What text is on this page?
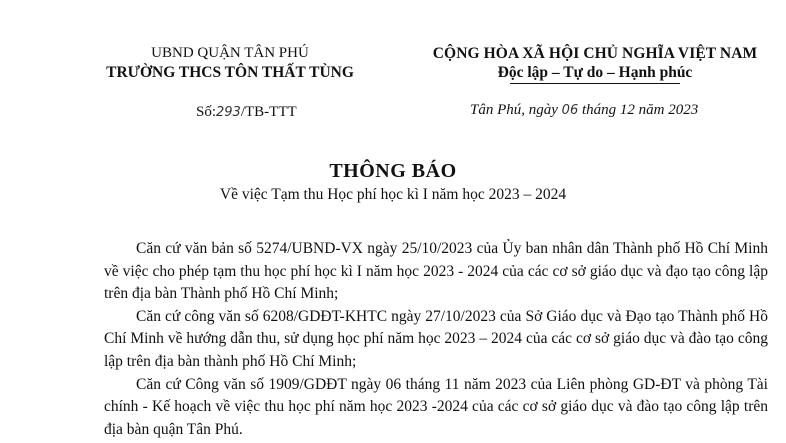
UBND QUẬN TÂN PHÚ
TRƯỜNG THCS TÔN THẤT TÙNG
CỘNG HÒA XÃ HỘI CHỦ NGHĨA VIỆT NAM
Độc lập – Tự do – Hạnh phúc
Số:293/TB-TTT	Tân Phú, ngày 06 tháng 12 năm 2023
THÔNG BÁO
Về việc Tạm thu Học phí học kì I năm học 2023 – 2024

Căn cứ văn bản số 5274/UBND-VX ngày 25/10/2023 của Ủy ban nhân dân Thành phố Hồ Chí Minh về việc cho phép tạm thu học phí học kì I năm học 2023 - 2024 của các cơ sở giáo dục và đạo tạo công lập trên địa bàn Thành phố Hồ Chí Minh;

Căn cứ công văn số 6208/GDĐT-KHTC ngày 27/10/2023 của Sở Giáo dục và Đạo tạo Thành phố Hồ Chí Minh về hướng dẫn thu, sử dụng học phí năm học 2023 – 2024 của các cơ sở giáo dục và đào tạo công lập trên địa bàn thành phố Hồ Chí Minh;

Căn cứ Công văn số 1909/GDĐT ngày 06 tháng 11 năm 2023 của Liên phòng GD-ĐT và phòng Tài chính - Kế hoạch về việc thu học phí năm học 2023 -2024 của các cơ sở giáo dục và đào tạo công lập trên địa bàn quận Tân Phú.
